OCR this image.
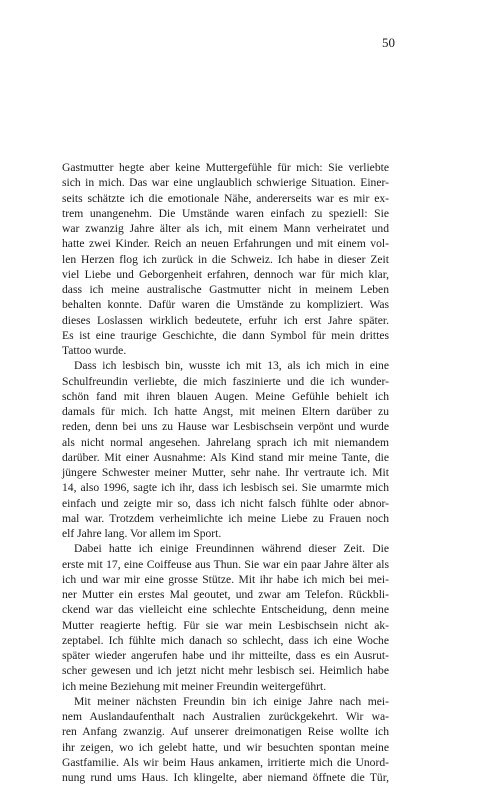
50
Gastmutter hegte aber keine Muttergefühle für mich: Sie verliebte
sich in mich. Das war eine unglaublich schwierige Situation. Einer-
seits schätzte ich die emotionale Nähe, andererseits war es mir ex-
trem unangenehm. Die Umstände waren einfach zu speziell: Sie
war zwanzig Jahre älter als ich, mit einem Mann verheiratet und
hatte zwei Kinder. Reich an neuen Erfahrungen und mit einem vol-
len Herzen flog ich zurück in die Schweiz. Ich habe in dieser Zeit
viel Liebe und Geborgenheit erfahren, dennoch war für mich klar,
dass ich meine australische Gastmutter nicht in meinem Leben
behalten konnte. Dafür waren die Umstände zu kompliziert. Was
dieses Loslassen wirklich bedeutete, erfuhr ich erst Jahre später.
Es ist eine traurige Geschichte, die dann Symbol für mein drittes
Tattoo wurde.
Dass ich lesbisch bin, wusste ich mit 13, als ich mich in eine
Schulfreundin verliebte, die mich faszinierte und die ich wunder-
schön fand mit ihren blauen Augen. Meine Gefühle behielt ich
damals für mich. Ich hatte Angst, mit meinen Eltern darüber zu
reden, denn bei uns zu Hause war Lesbischsein verpönt und wurde
als nicht normal angesehen. Jahrelang sprach ich mit niemandem
darüber. Mit einer Ausnahme: Als Kind stand mir meine Tante, die
jüngere Schwester meiner Mutter, sehr nahe. Ihr vertraute ich. Mit
14, also 1996, sagte ich ihr, dass ich lesbisch sei. Sie umarmte mich
einfach und zeigte mir so, dass ich nicht falsch fühlte oder abnor-
mal war. Trotzdem verheimlichte ich meine Liebe zu Frauen noch
elf Jahre lang. Vor allem im Sport.
Dabei hatte ich einige Freundinnen während dieser Zeit. Die
erste mit 17, eine Coiffeuse aus Thun. Sie war ein paar Jahre älter als
ich und war mir eine grosse Stütze. Mit ihr habe ich mich bei mei-
ner Mutter ein erstes Mal geoutet, und zwar am Telefon. Rückbli-
ckend war das vielleicht eine schlechte Entscheidung, denn meine
Mutter reagierte heftig. Für sie war mein Lesbischsein nicht ak-
zeptabel. Ich fühlte mich danach so schlecht, dass ich eine Woche
später wieder angerufen habe und ihr mitteilte, dass es ein Ausrut-
scher gewesen und ich jetzt nicht mehr lesbisch sei. Heimlich habe
ich meine Beziehung mit meiner Freundin weitergeführt.
Mit meiner nächsten Freundin bin ich einige Jahre nach mei-
nem Auslandaufenthalt nach Australien zurückgekehrt. Wir wa-
ren Anfang zwanzig. Auf unserer dreimonatigen Reise wollte ich
ihr zeigen, wo ich gelebt hatte, und wir besuchten spontan meine
Gastfamilie. Als wir beim Haus ankamen, irritierte mich die Unord-
nung rund ums Haus. Ich klingelte, aber niemand öffnete die Tür,
